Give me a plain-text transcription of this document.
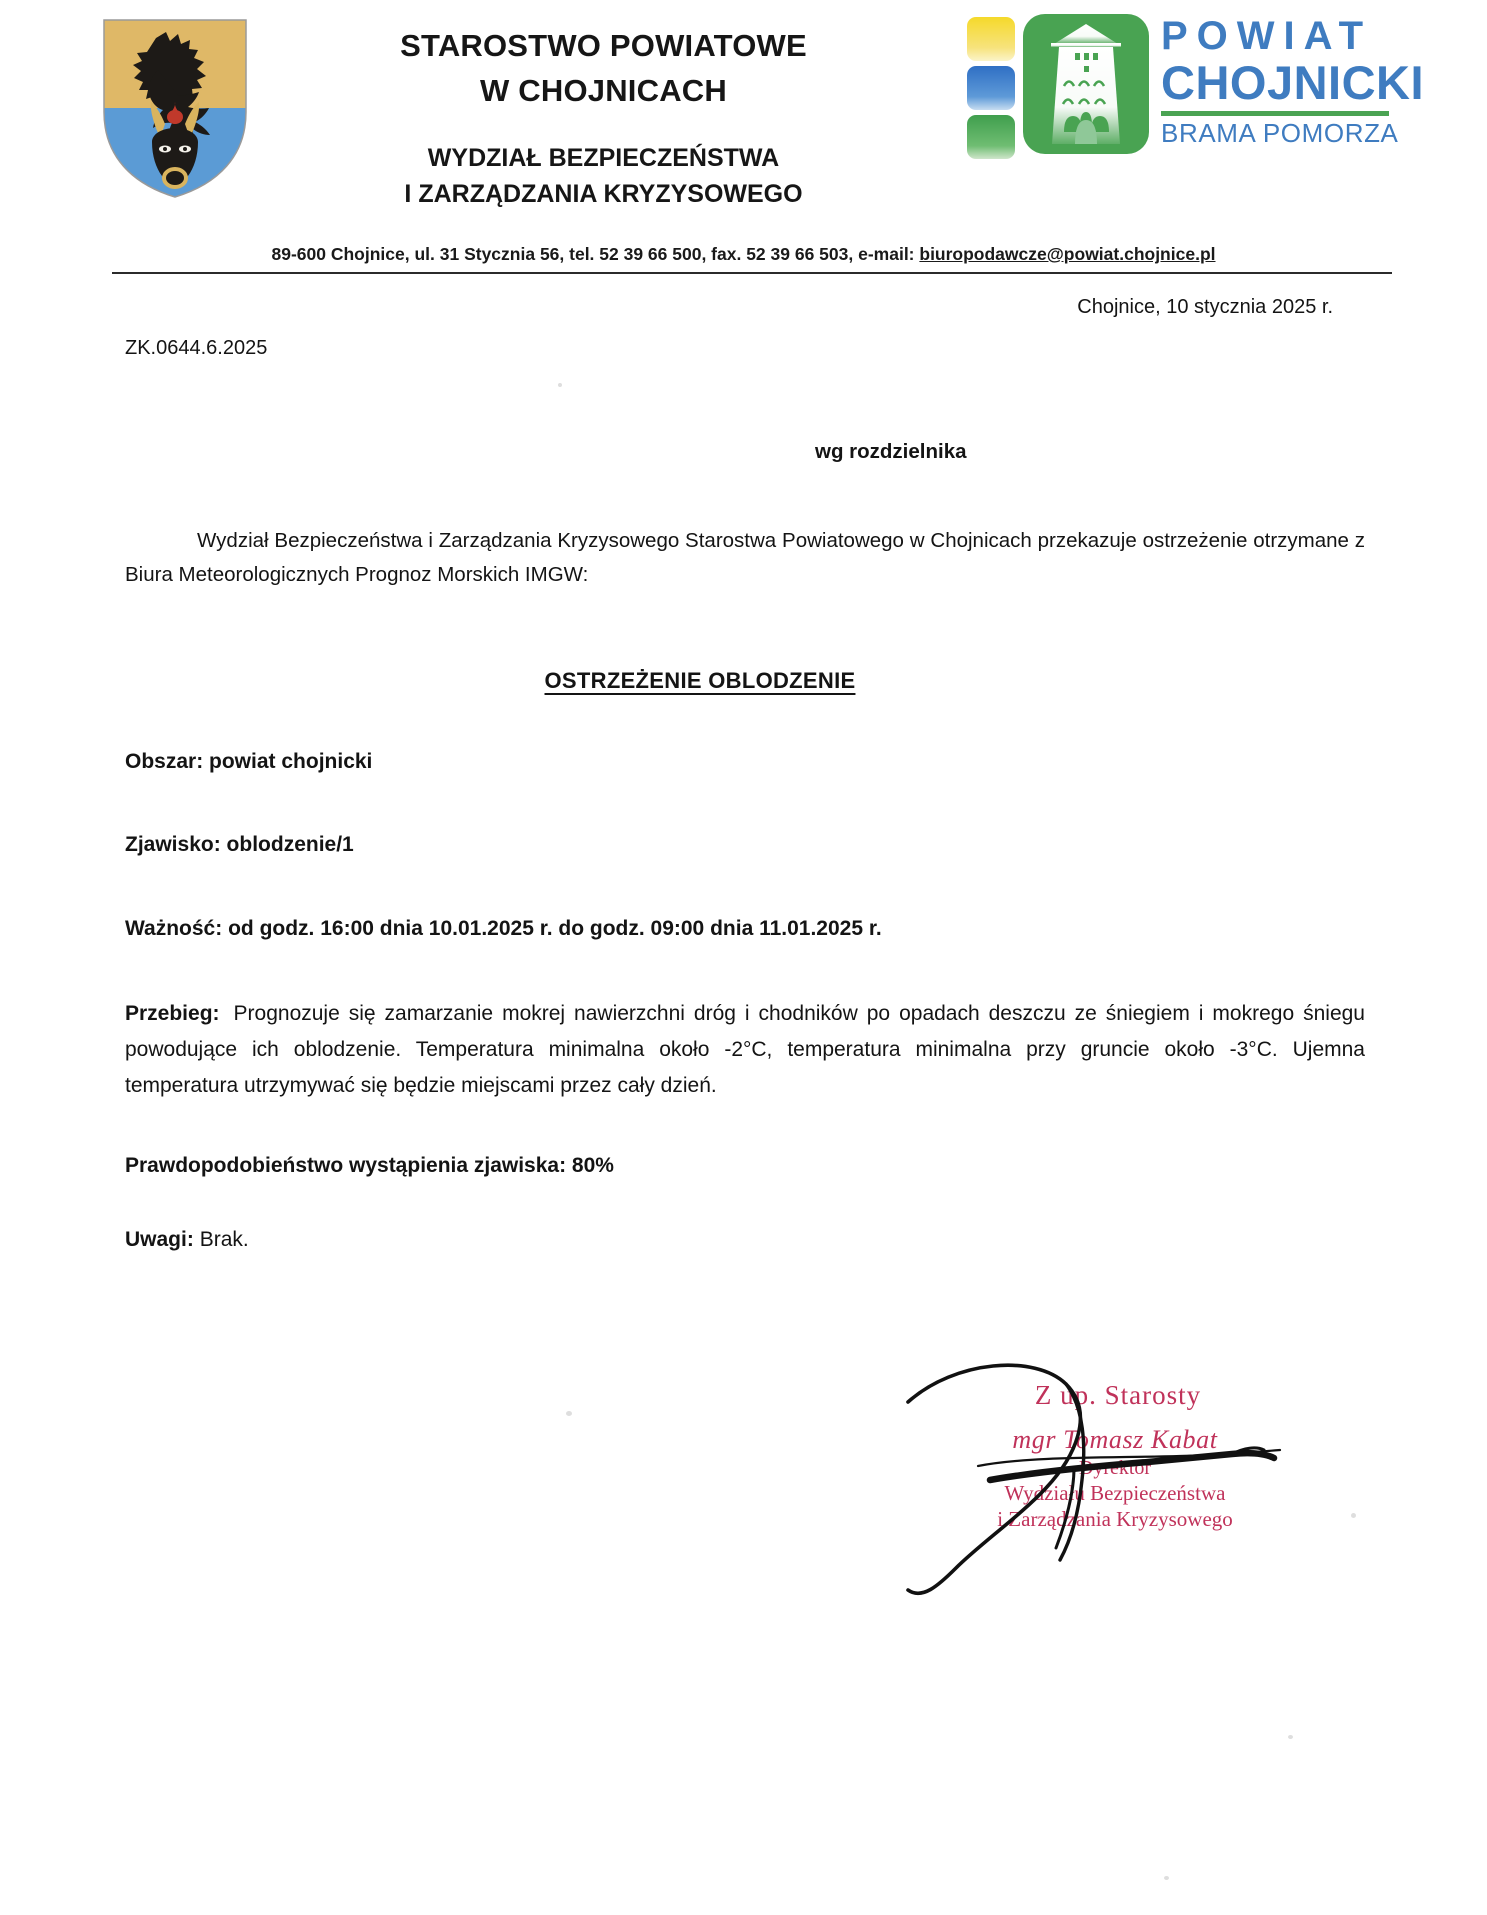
STAROSTWO POWIATOWE
W CHOJNICACH
WYDZIAŁ BEZPIECZEŃSTWA
I ZARZĄDZANIA KRYZYSOWEGO
POWIAT
CHOJNICKI
BRAMA POMORZA
89-600 Chojnice, ul. 31 Stycznia 56, tel. 52 39 66 500, fax. 52 39 66 503, e-mail: biuropodawcze@powiat.chojnice.pl
Chojnice, 10 stycznia 2025 r.
ZK.0644.6.2025
wg rozdzielnika
Wydział Bezpieczeństwa i Zarządzania Kryzysowego Starostwa Powiatowego w Chojnicach przekazuje ostrzeżenie otrzymane z Biura Meteorologicznych Prognoz Morskich IMGW:
OSTRZEŻENIE OBLODZENIE
Obszar: powiat chojnicki
Zjawisko: oblodzenie/1
Ważność: od godz. 16:00 dnia 10.01.2025 r. do godz. 09:00 dnia 11.01.2025 r.
Przebieg: Prognozuje się zamarzanie mokrej nawierzchni dróg i chodników po opadach deszczu ze śniegiem i mokrego śniegu powodujące ich oblodzenie. Temperatura minimalna około -2°C, temperatura minimalna przy gruncie około -3°C. Ujemna temperatura utrzymywać się będzie miejscami przez cały dzień.
Prawdopodobieństwo wystąpienia zjawiska: 80%
Uwagi: Brak.
Z up. Starosty
mgr Tomasz Kabat
Dyrektor
Wydziału Bezpieczeństwa
i Zarządzania Kryzysowego
